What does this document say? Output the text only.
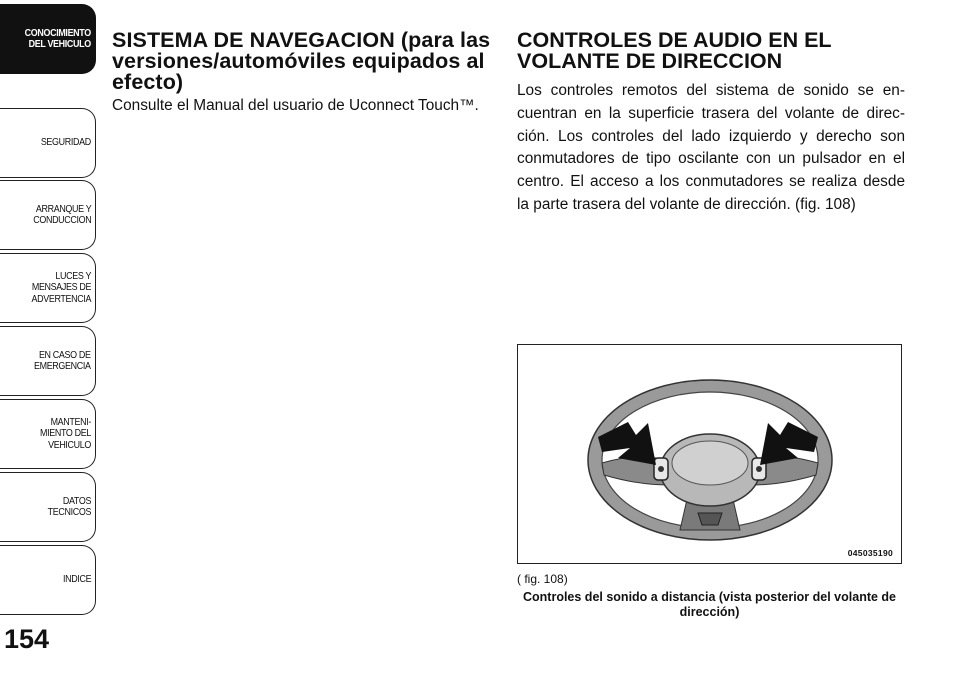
CONOCIMIENTO
DEL VEHICULO
SEGURIDAD
ARRANQUE Y
CONDUCCION
LUCES Y
MENSAJES DE
ADVERTENCIA
EN CASO DE
EMERGENCIA
MANTENI-
MIENTO DEL
VEHICULO
DATOS
TECNICOS
INDICE
154
SISTEMA DE NAVEGACION (para las versiones/automóviles equipados al efecto)

Consulte el Manual del usuario de Uconnect Touch™.

CONTROLES DE AUDIO EN EL VOLANTE DE DIRECCION

Los controles remotos del sistema de sonido se en-cuentran en la superficie trasera del volante de direc-ción. Los controles del lado izquierdo y derecho son conmutadores de tipo oscilante con un pulsador en el centro. El acceso a los conmutadores se realiza desde la parte trasera del volante de dirección. (fig. 108)

045035190
( fig. 108)
Controles del sonido a distancia (vista posterior del volante de dirección)
